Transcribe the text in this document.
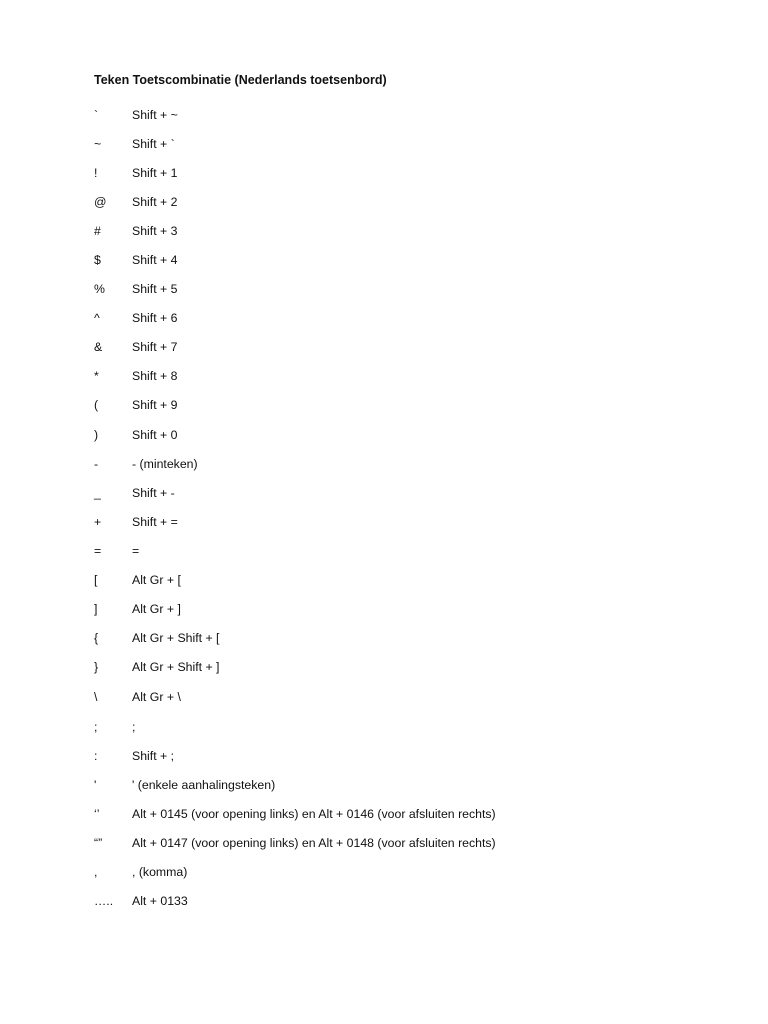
Teken Toetscombinatie (Nederlands toetsenbord)
`	Shift + ~
~	Shift + `
!	Shift + 1
@	Shift + 2
#	Shift + 3
$	Shift + 4
%	Shift + 5
^	Shift + 6
&	Shift + 7
*	Shift + 8
(	Shift + 9
)	Shift + 0
-	- (minteken)
_	Shift + -
+	Shift + =
=	=
[	Alt Gr + [
]	Alt Gr + ]
{	Alt Gr + Shift + [
}	Alt Gr + Shift + ]
\	Alt Gr + \
;	;
:	Shift + ;
'	' (enkele aanhalingsteken)
‘’	Alt + 0145 (voor opening links) en Alt + 0146 (voor afsluiten rechts)
“”	Alt + 0147 (voor opening links) en Alt + 0148 (voor afsluiten rechts)
,	, (komma)
…..	Alt + 0133
